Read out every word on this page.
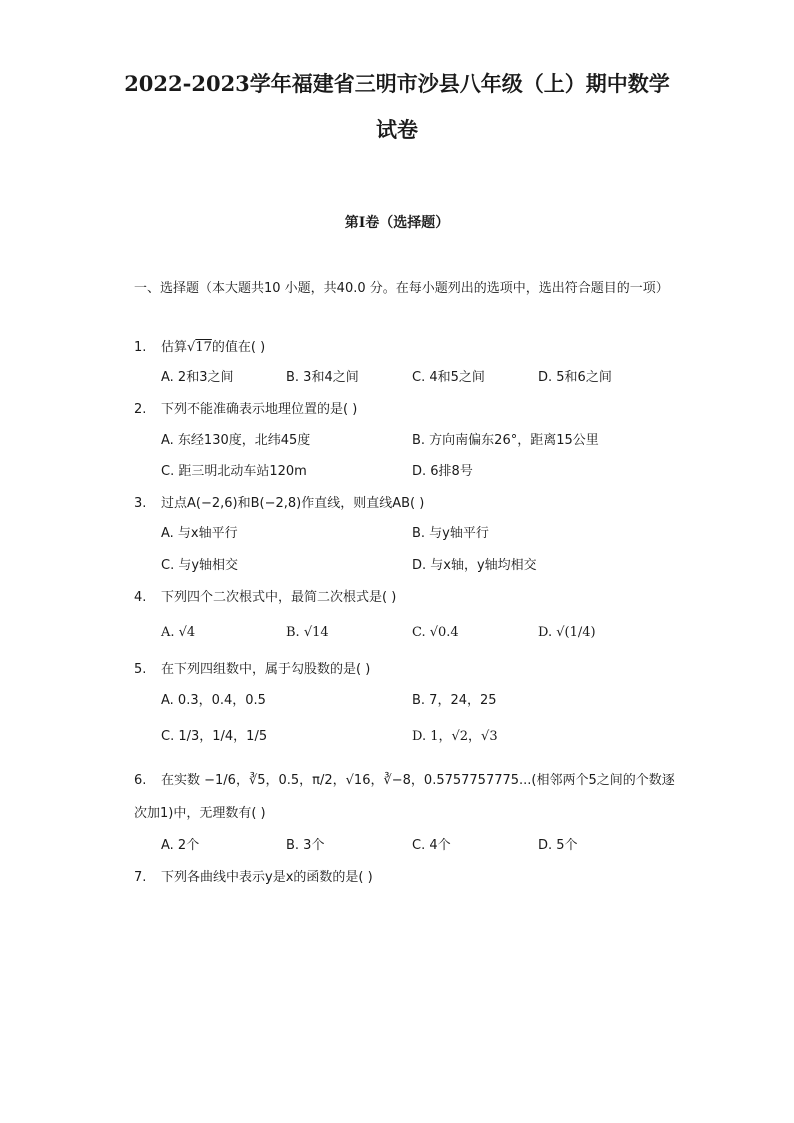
2022-2023学年福建省三明市沙县八年级（上）期中数学
试卷
第I卷（选择题）
一、选择题（本大题共10 小题，共40.0 分。在每小题列出的选项中，选出符合题目的一项）
1. 估算√17的值在( )
A. 2和3之间	B. 3和4之间	C. 4和5之间	D. 5和6之间
2. 下列不能准确表示地理位置的是( )
A. 东经130度，北纬45度	B. 方向南偏东26°，距离15公里
C. 距三明北动车站120m	D. 6排8号
3. 过点A(−2,6)和B(−2,8)作直线，则直线AB( )
A. 与x轴平行	B. 与y轴平行
C. 与y轴相交	D. 与x轴，y轴均相交
4. 下列四个二次根式中，最简二次根式是( )
A. √4	B. √14	C. √0.4	D. √(1/4)
5. 在下列四组数中，属于勾股数的是( )
A. 0.3，0.4，0.5	B. 7，24，25
C. 1/3，1/4，1/5	D. 1，√2，√3
6. 在实数 −1/6，∛5，0.5，π/2，√16，∛−8，0.5757757775...(相邻两个5之间的个数逐
次加1)中，无理数有( )
A. 2个	B. 3个	C. 4个	D. 5个
7. 下列各曲线中表示y是x的函数的是( )
